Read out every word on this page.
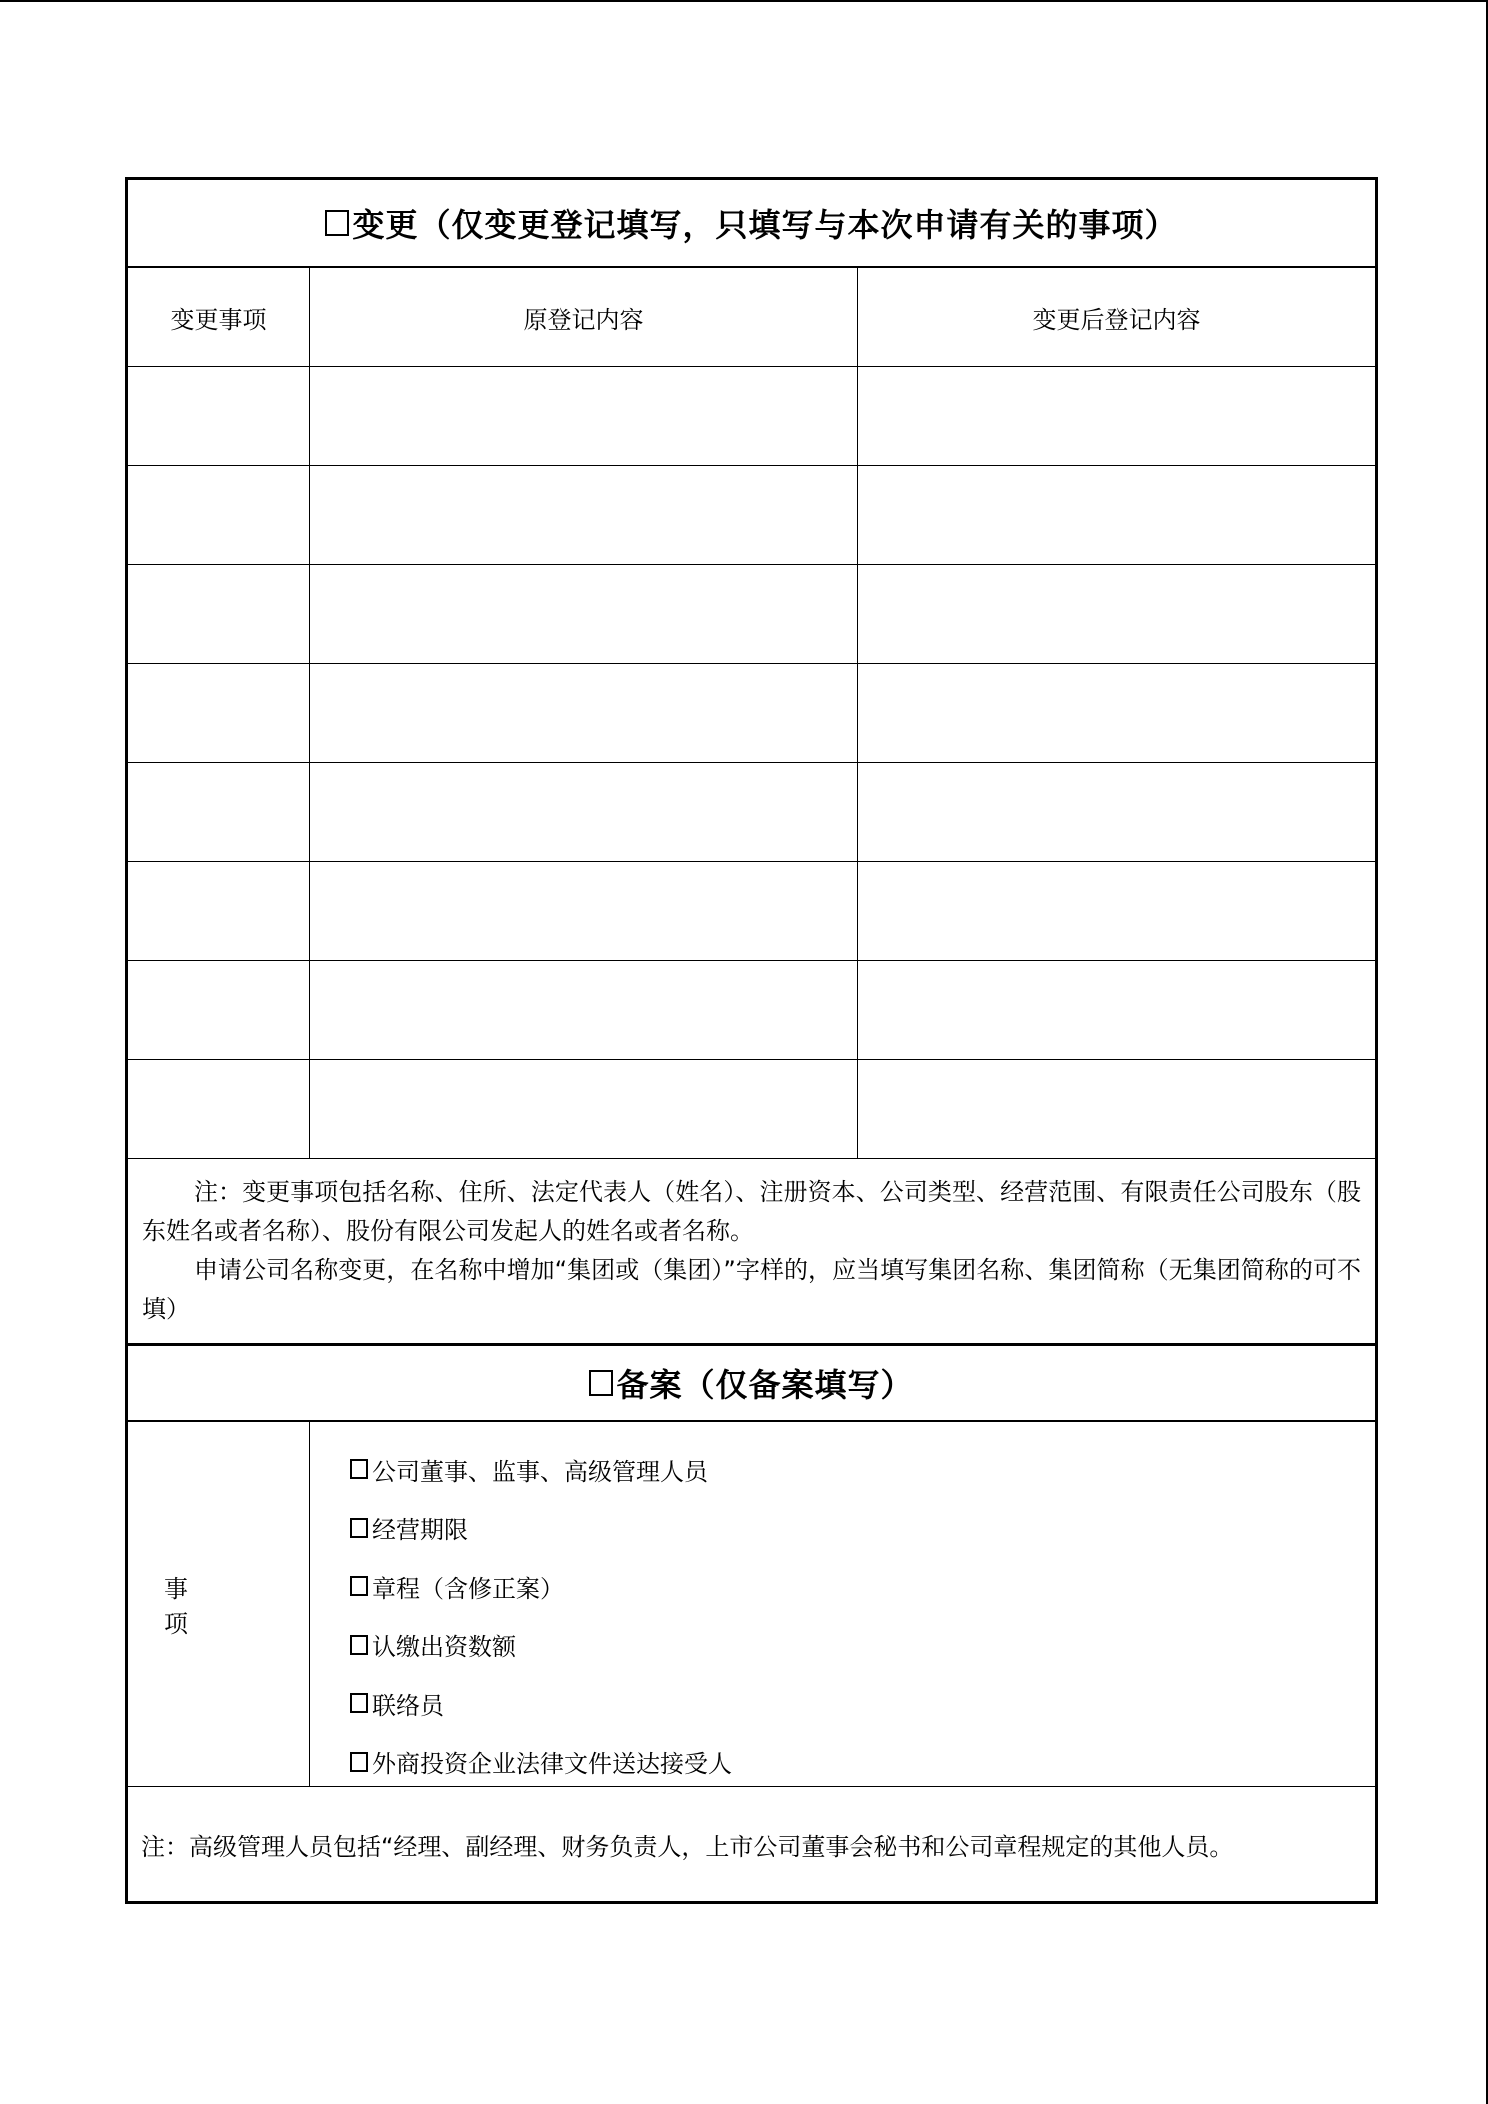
变更（仅变更登记填写，只填写与本次申请有关的事项）
变更事项	原登记内容	变更后登记内容

注：变更事项包括名称、住所、法定代表人（姓名）、注册资本、公司类型、经营范围、有限责任公司股东（股东姓名或者名称）、股份有限公司发起人的姓名或者名称。

申请公司名称变更，在名称中增加“集团或（集团）”字样的，应当填写集团名称、集团简称（无集团简称的可不填）

备案（仅备案填写）
事　项
公司董事、监事、高级管理人员
经营期限
章程（含修正案）
认缴出资数额
联络员
外商投资企业法律文件送达接受人
注：高级管理人员包括“经理、副经理、财务负责人，上市公司董事会秘书和公司章程规定的其他人员。
